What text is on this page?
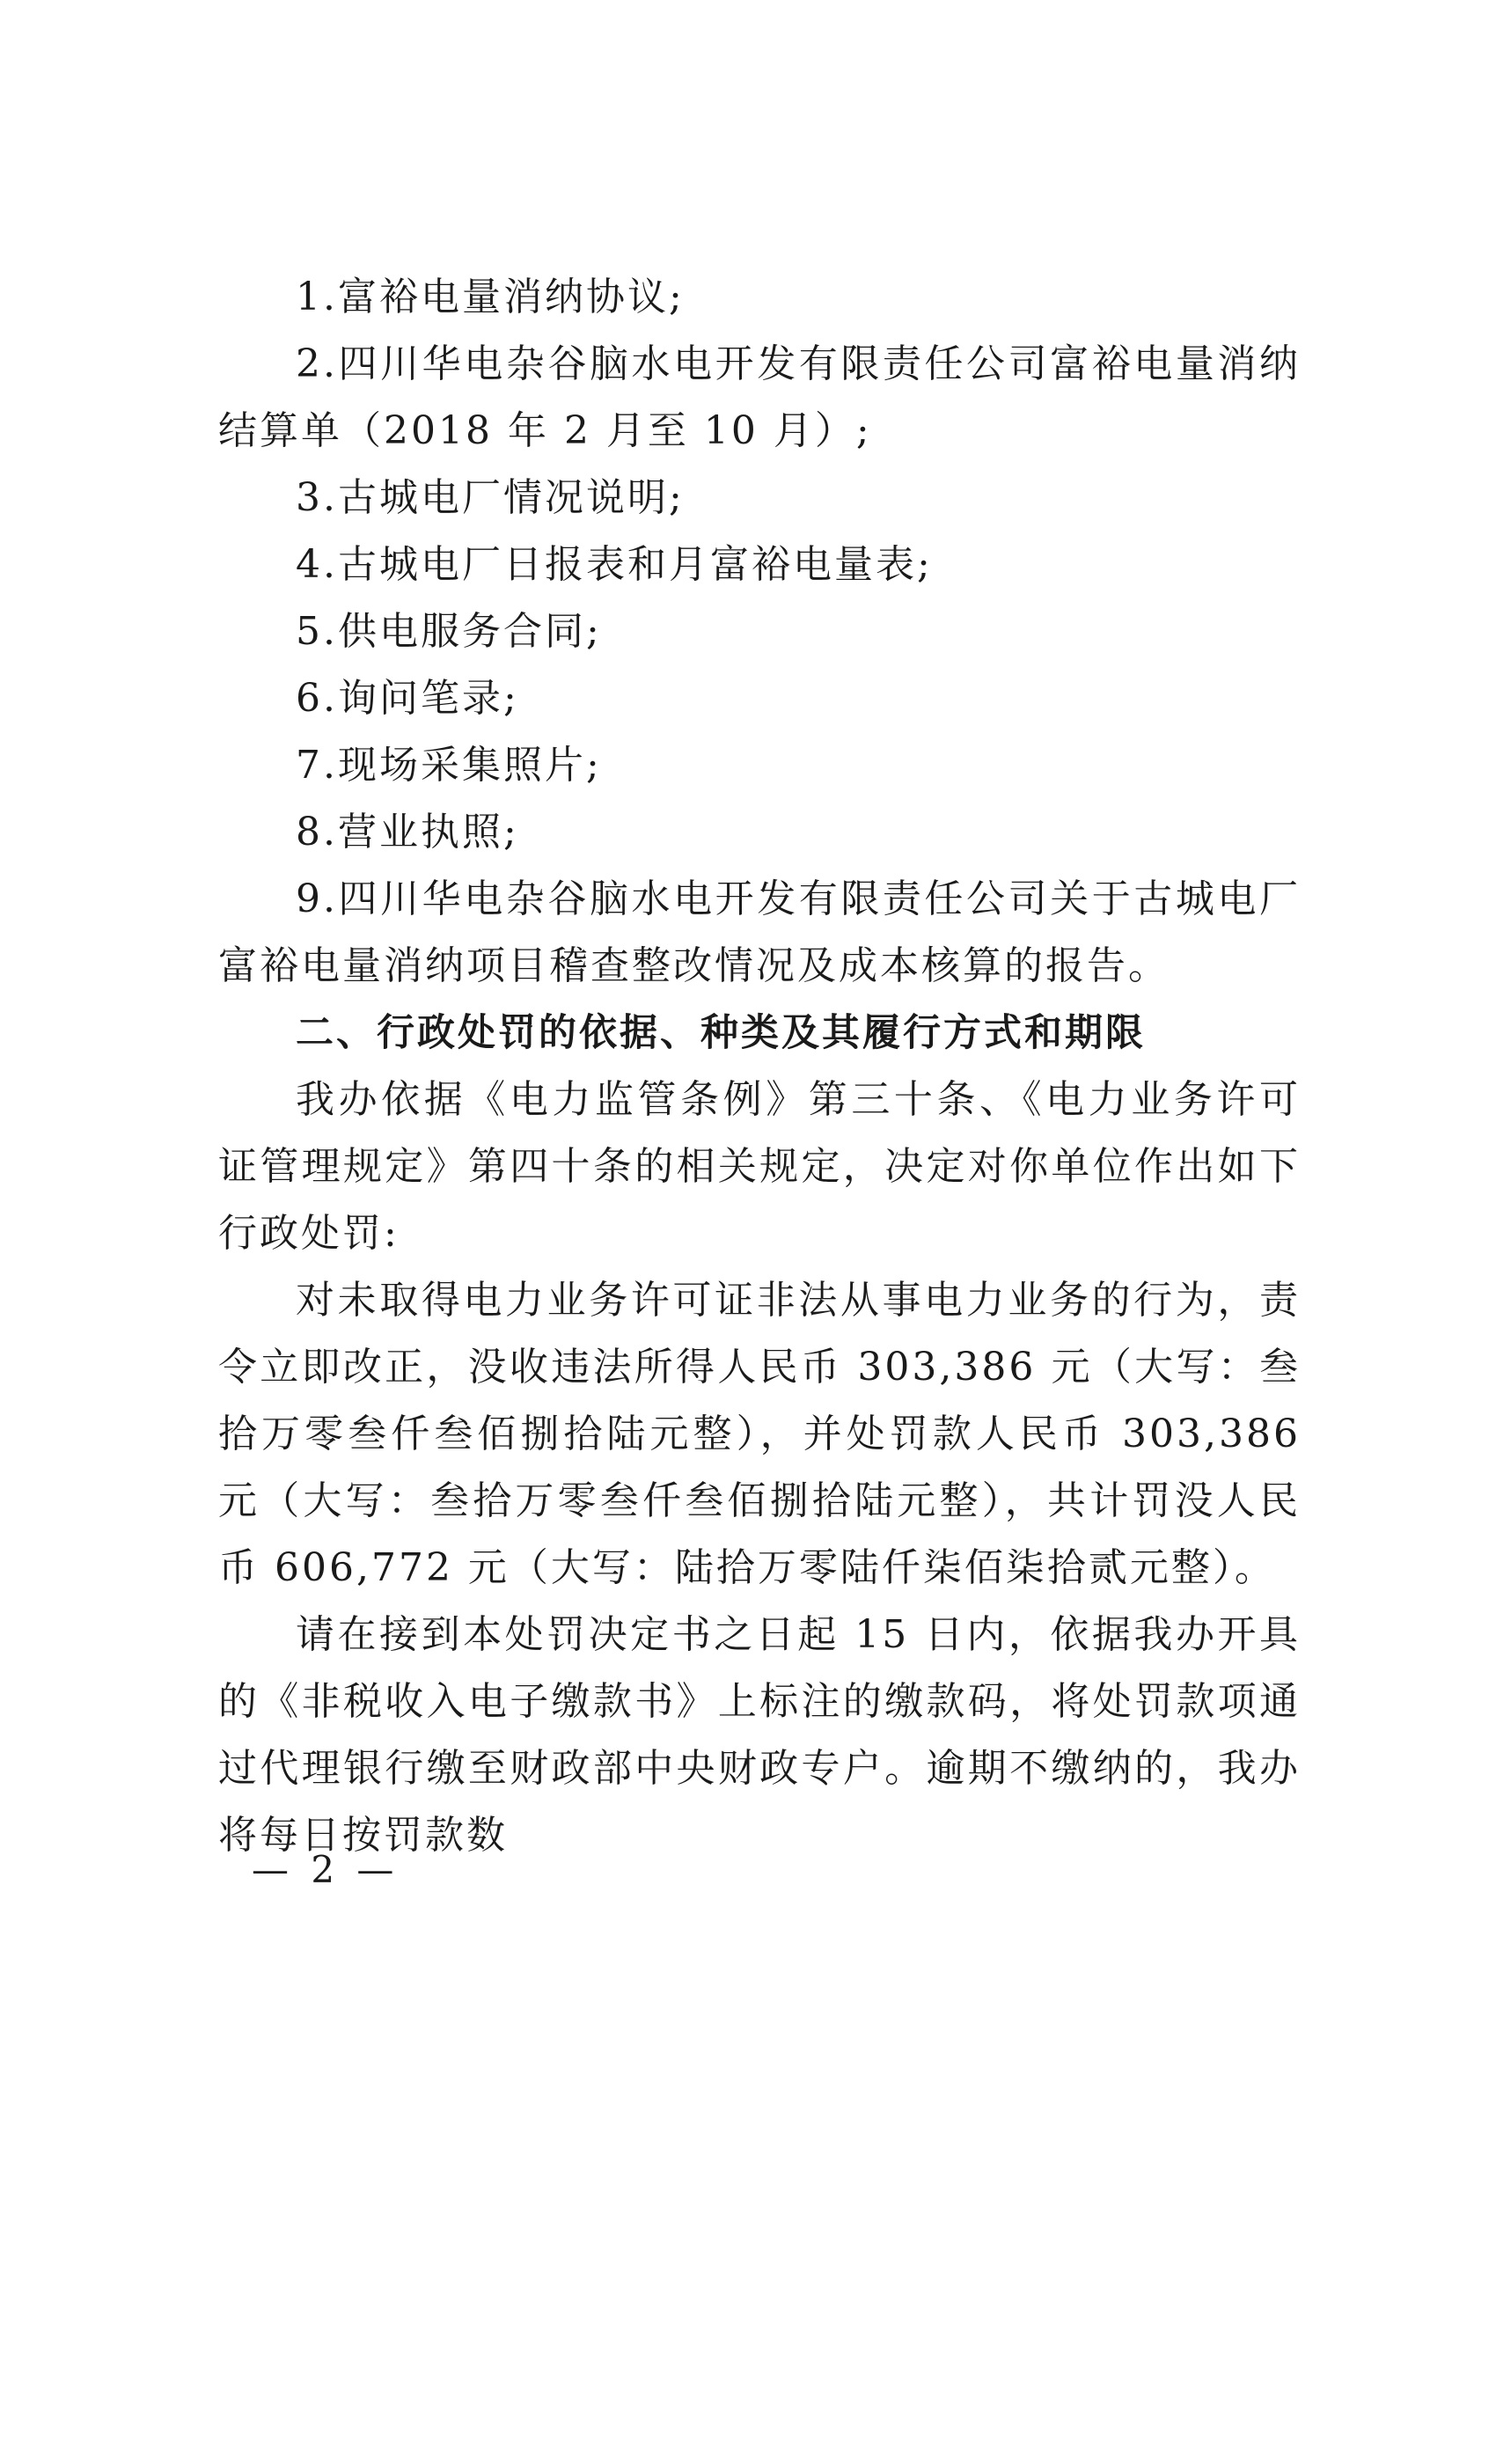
1.富裕电量消纳协议;

2.四川华电杂谷脑水电开发有限责任公司富裕电量消纳结算单（2018 年 2 月至 10 月）;

3.古城电厂情况说明;

4.古城电厂日报表和月富裕电量表;

5.供电服务合同;

6.询问笔录;

7.现场采集照片;

8.营业执照;

9.四川华电杂谷脑水电开发有限责任公司关于古城电厂富裕电量消纳项目稽查整改情况及成本核算的报告。

二、行政处罚的依据、种类及其履行方式和期限

我办依据《电力监管条例》第三十条、《电力业务许可证管理规定》第四十条的相关规定，决定对你单位作出如下行政处罚:

对未取得电力业务许可证非法从事电力业务的行为，责令立即改正，没收违法所得人民币 303,386 元（大写：叁拾万零叁仟叁佰捌拾陆元整），并处罚款人民币 303,386 元（大写：叁拾万零叁仟叁佰捌拾陆元整），共计罚没人民币 606,772 元（大写：陆拾万零陆仟柒佰柒拾贰元整）。

请在接到本处罚决定书之日起 15 日内，依据我办开具的《非税收入电子缴款书》上标注的缴款码，将处罚款项通过代理银行缴至财政部中央财政专户。逾期不缴纳的，我办将每日按罚款数

— 2 —
